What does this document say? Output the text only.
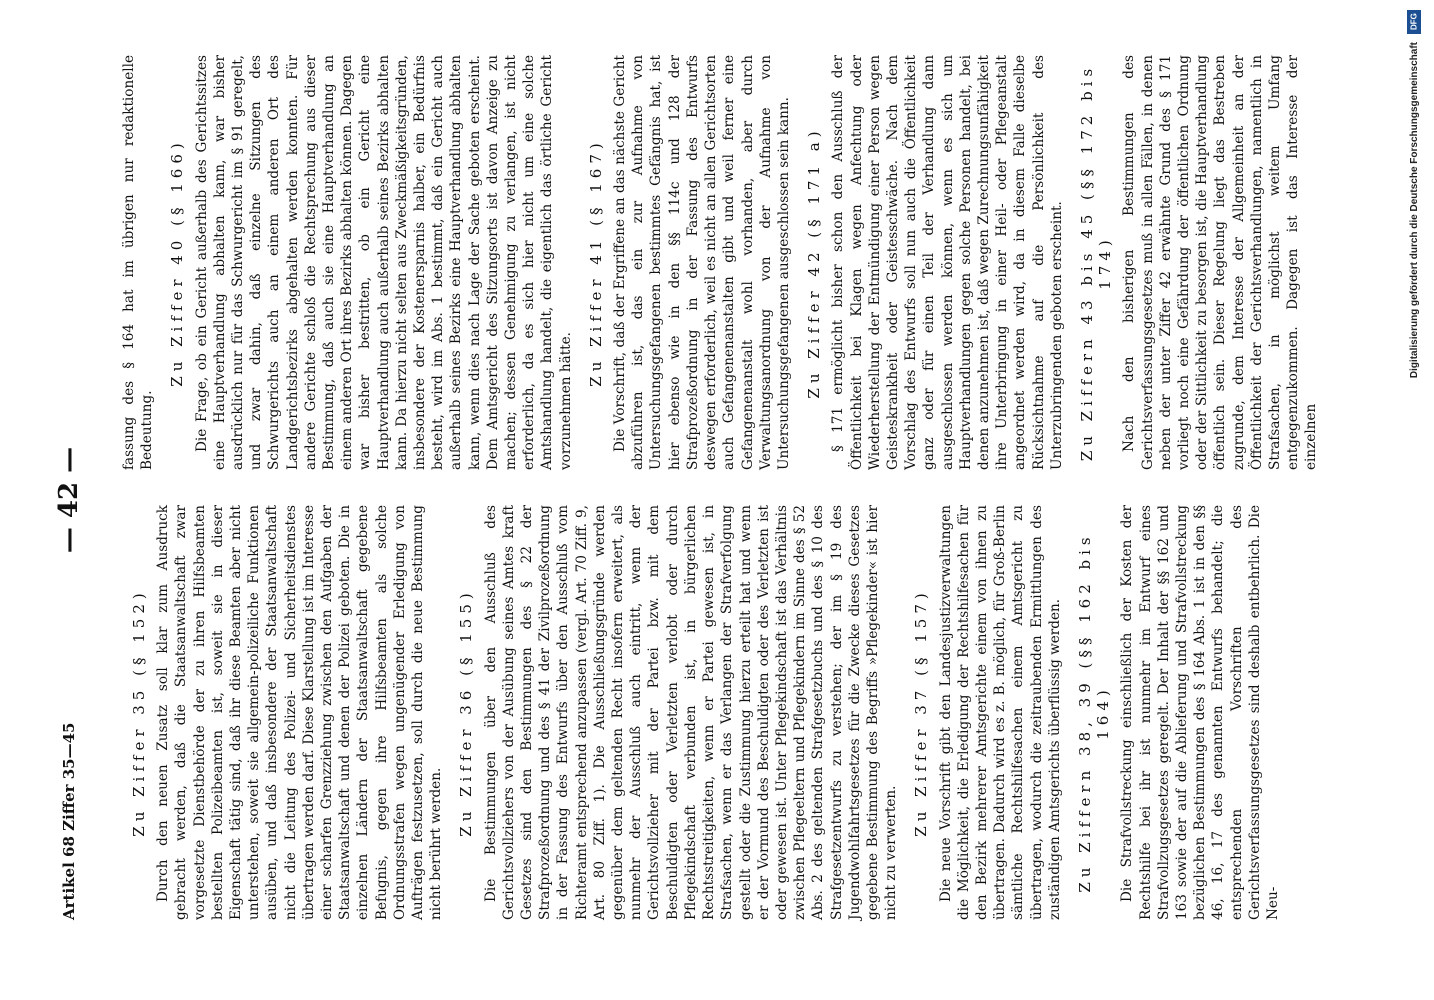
Artikel 68 Ziffer 35—45
— 42 —
Zu Ziffer 35 (§ 152) Durch den neuen Zusatz soll klar zum Ausdruck gebracht werden, daß die Staatsanwaltschaft zwar vorgesetzte Dienstbehörde der zu ihren Hilfsbeamten bestellten Polizeibeamten ist, soweit sie in dieser Eigenschaft tätig sind, daß ihr diese Beamten aber nicht unterstehen, soweit sie allgemein-polizeiliche Funktionen ausüben, und daß insbesondere der Staatsanwaltschaft nicht die Leitung des Polizei- und Sicherheitsdienstes übertragen werden darf. Diese Klarstellung ist im Interesse einer scharfen Grenzziehung zwischen den Aufgaben der Staatsanwaltschaft und denen der Polizei geboten. Die in einzelnen Ländern der Staatsanwaltschaft gegebene Befugnis, gegen ihre Hilfsbeamten als solche Ordnungsstrafen wegen ungenügender Erledigung von Aufträgen festzusetzen, soll durch die neue Bestimmung nicht berührt werden.

Zu Ziffer 36 (§ 155) Die Bestimmungen über den Ausschluß des Gerichtsvollziehers von der Ausübung seines Amtes kraft Gesetzes sind den Bestimmungen des § 22 der Strafprozeßordnung und des § 41 der Zivilprozeßordnung in der Fassung des Entwurfs über den Ausschluß vom Richteramt entsprechend anzupassen (vergl. Art. 70 Ziff. 9, Art. 80 Ziff. 1). Die Ausschließungsgründe werden gegenüber dem geltenden Recht insofern erweitert, als nunmehr der Ausschluß auch eintritt, wenn der Gerichtsvollzieher mit der Partei bzw. mit dem Beschuldigten oder Verletzten verlobt oder durch Pflegekindschaft verbunden ist, in bürgerlichen Rechtsstreitigkeiten, wenn er Partei gewesen ist, in Strafsachen, wenn er das Verlangen der Strafverfolgung gestellt oder die Zustimmung hierzu erteilt hat und wenn er der Vormund des Beschuldigten oder des Verletzten ist oder gewesen ist. Unter Pflegekindschaft ist das Verhältnis zwischen Pflegeeltern und Pflegekindern im Sinne des § 52 Abs. 2 des geltenden Strafgesetzbuchs und des § 10 des Strafgesetzentwurfs zu verstehen; der im § 19 des Jugendwohlfahrtsgesetzes für die Zwecke dieses Gesetzes gegebene Bestimmung des Begriffs »Pflegekinder« ist hier nicht zu verwerten.

Zu Ziffer 37 (§ 157) Die neue Vorschrift gibt den Landesjustizverwaltungen die Möglichkeit, die Erledigung der Rechtshilfesachen für den Bezirk mehrerer Amtsgerichte einem von ihnen zu übertragen. Dadurch wird es z. B. möglich, für Groß-Berlin sämtliche Rechtshilfesachen einem Amtsgericht zu übertragen, wodurch die zeitraubenden Ermittlungen des zuständigen Amtsgerichts überflüssig werden. Zu Ziffern 38, 39 (§§ 162 bis 164) Die Strafvollstreckung einschließlich der Kosten der Rechtshilfe bei ihr ist nunmehr im Entwurf eines Strafvollzugsgesetzes geregelt. Der Inhalt der §§ 162 und 163 sowie der auf die Ablieferung und Strafvollstreckung bezüglichen Bestimmungen des § 164 Abs. 1 ist in den §§ 46, 16, 17 des genannten Entwurfs behandelt; die entsprechenden Vorschriften des Gerichtsverfassungsgesetzes sind deshalb entbehrlich. Die Neu-

fassung des § 164 hat im übrigen nur redaktionelle Bedeutung.

Zu Ziffer 40 (§ 166) Die Frage, ob ein Gericht außerhalb des Gerichtssitzes eine Hauptverhandlung abhalten kann, war bisher ausdrücklich nur für das Schwurgericht im § 91 geregelt, und zwar dahin, daß einzelne Sitzungen des Schwurgerichts auch an einem anderen Ort des Landgerichtsbezirks abgehalten werden konnten. Für andere Gerichte schloß die Rechtsprechung aus dieser Bestimmung, daß auch sie eine Hauptverhandlung an einem anderen Ort ihres Bezirks abhalten können. Dagegen war bisher bestritten, ob ein Gericht eine Hauptverhandlung auch außerhalb seines Bezirks abhalten kann. Da hierzu nicht selten aus Zweckmäßigkeitsgründen, insbesondere der Kostenersparnis halber, ein Bedürfnis besteht, wird im Abs. 1 bestimmt, daß ein Gericht auch außerhalb seines Bezirks eine Hauptverhandlung abhalten kann, wenn dies nach Lage der Sache geboten erscheint. Dem Amtsgericht des Sitzungsorts ist davon Anzeige zu machen; dessen Genehmigung zu verlangen, ist nicht erforderlich, da es sich hier nicht um eine solche Amtshandlung handelt, die eigentlich das örtliche Gericht vorzunehmen hätte.

Zu Ziffer 41 (§ 167) Die Vorschrift, daß der Ergriffene an das nächste Gericht abzuführen ist, das ein zur Aufnahme von Untersuchungsgefangenen bestimmtes Gefängnis hat, ist hier ebenso wie in den §§ 114c und 128 der Strafprozeßordnung in der Fassung des Entwurfs deswegen erforderlich, weil es nicht an allen Gerichtsorten auch Gefangenenanstalten gibt und weil ferner eine Gefangenenanstalt wohl vorhanden, aber durch Verwaltungsanordnung von der Aufnahme von Untersuchungsgefangenen ausgeschlossen sein kann. Zu Ziffer 42 (§ 171 a) § 171 ermöglicht bisher schon den Ausschluß der Öffentlichkeit bei Klagen wegen Anfechtung oder Wiederherstellung der Entmündigung einer Person wegen Geisteskrankheit oder Geistesschwäche. Nach dem Vorschlag des Entwurfs soll nun auch die Öffentlichkeit ganz oder für einen Teil der Verhandlung dann ausgeschlossen werden können, wenn es sich um Hauptverhandlungen gegen solche Personen handelt, bei denen anzunehmen ist, daß wegen Zurechnungsunfähigkeit ihre Unterbringung in einer Heil- oder Pflegeanstalt angeordnet werden wird, da in diesem Falle dieselbe Rücksichtnahme auf die Persönlichkeit des Unterzubringenden geboten erscheint. Zu Ziffern 43 bis 45 (§§ 172 bis 174) Nach den bisherigen Bestimmungen des Gerichtsverfassungsgesetzes muß in allen Fällen, in denen neben der unter Ziffer 42 erwähnte Grund des § 171 vorliegt noch eine Gefährdung der öffentlichen Ordnung oder der Sittlichkeit zu besorgen ist, die Hauptverhandlung öffentlich sein. Dieser Regelung liegt das Bestreben zugrunde, dem Interesse der Allgemeinheit an der Öffentlichkeit der Gerichtsverhandlungen, namentlich in Strafsachen, in möglichst weitem Umfang entgegenzukommen. Dagegen ist das Interesse der einzelnen

DFG
Digitalisierung gefördert durch die Deutsche Forschungsgemeinschaft
